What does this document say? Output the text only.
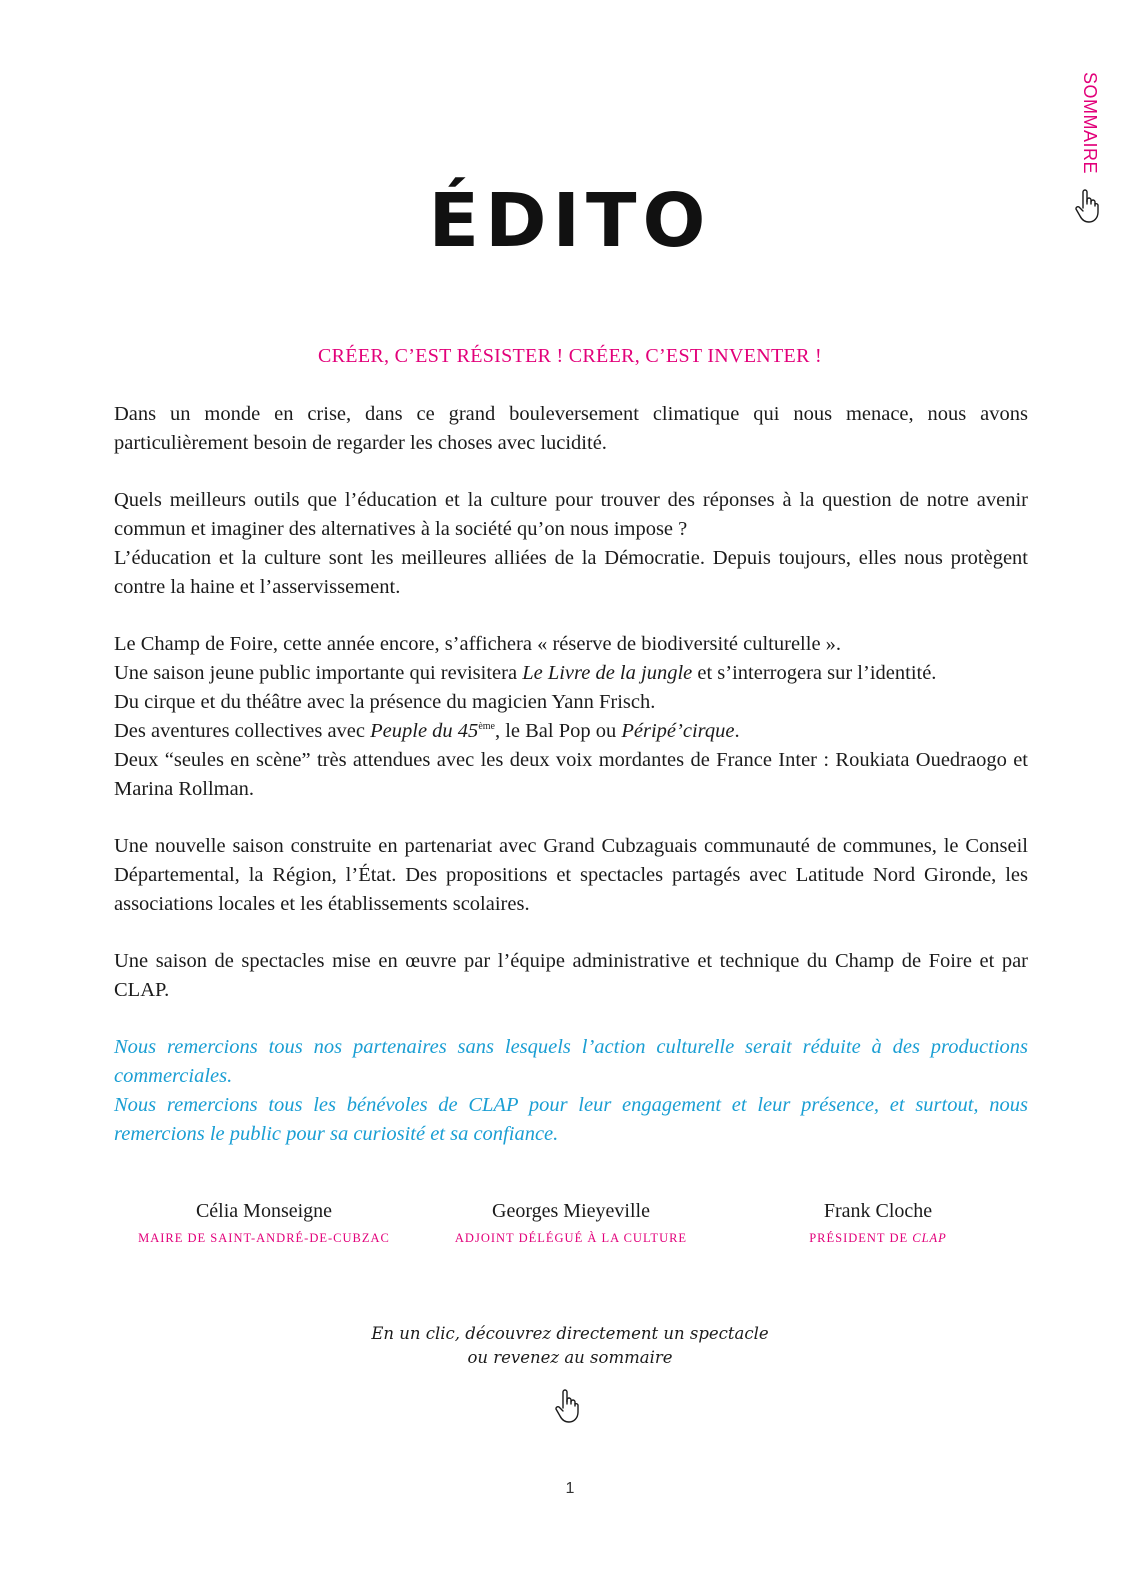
SOMMAIRE
ÉDITO
CRÉER, C’EST RÉSISTER ! CRÉER, C’EST INVENTER !

Dans un monde en crise, dans ce grand bouleversement climatique qui nous menace, nous avons particulièrement besoin de regarder les choses avec lucidité.

Quels meilleurs outils que l’éducation et la culture pour trouver des réponses à la question de notre avenir commun et imaginer des alternatives à la société qu’on nous impose ?
L’éducation et la culture sont les meilleures alliées de la Démocratie. Depuis toujours, elles nous protègent contre la haine et l’asservissement.

Le Champ de Foire, cette année encore, s’affichera « réserve de biodiversité culturelle ».
Une saison jeune public importante qui revisitera Le Livre de la jungle et s’interrogera sur l’identité.
Du cirque et du théâtre avec la présence du magicien Yann Frisch.
Des aventures collectives avec Peuple du 45ème, le Bal Pop ou Péripé’cirque.
Deux “seules en scène” très attendues avec les deux voix mordantes de France Inter : Roukiata Ouedraogo et Marina Rollman.

Une nouvelle saison construite en partenariat avec Grand Cubzaguais communauté de communes, le Conseil Départemental, la Région, l’État. Des propositions et spectacles partagés avec Latitude Nord Gironde, les associations locales et les établissements scolaires.

Une saison de spectacles mise en œuvre par l’équipe administrative et technique du Champ de Foire et par CLAP.

Nous remercions tous nos partenaires sans lesquels l’action culturelle serait réduite à des productions commerciales.
Nous remercions tous les bénévoles de CLAP pour leur engagement et leur présence, et surtout, nous remercions le public pour sa curiosité et sa confiance.

Célia Monseigne
MAIRE DE SAINT-ANDRÉ-DE-CUBZAC
Georges Mieyeville
ADJOINT DÉLÉGUÉ À LA CULTURE
Frank Cloche
PRÉSIDENT DE CLAP
En un clic, découvrez directement un spectacle
ou revenez au sommaire
1
